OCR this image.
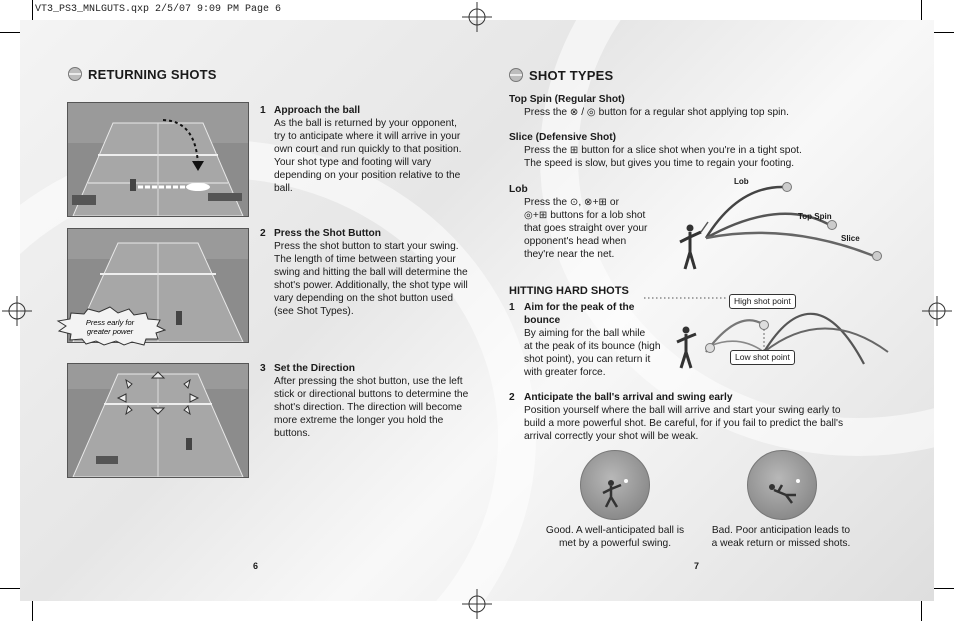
VT3_PS3_MNLGUTS.qxp 2/5/07 9:09 PM Page 6
RETURNING SHOTS
1 Approach the ball
As the ball is returned by your opponent, try to anticipate where it will arrive in your own court and run quickly to that position. Your shot type and footing will vary depending on your position relative to the ball.
Press early for
greater power
2 Press the Shot Button
Press the shot button to start your swing. The length of time between starting your swing and hitting the ball will determine the shot's power. Additionally, the shot type will vary depending on the shot button used (see Shot Types).
3 Set the Direction
After pressing the shot button, use the left stick or directional buttons to determine the shot's direction. The direction will become more extreme the longer you hold the buttons.
6
SHOT TYPES
Top Spin (Regular Shot)
Press the ⊗ / ◎ button for a regular shot applying top spin.
Slice (Defensive Shot)
Press the ⊞ button for a slice shot when you're in a tight spot.
The speed is slow, but gives you time to regain your footing.
Lob
Press the ⊙, ⊗+⊞ or
◎+⊞ buttons for a lob shot
that goes straight over your
opponent's head when
they're near the net.
Lob
Top Spin
Slice
HITTING HARD SHOTS
1 Aim for the peak of the
bounce
By aiming for the ball while
at the peak of its bounce (high
shot point), you can return it
with greater force.
High shot point
Low shot point
2 Anticipate the ball's arrival and swing early
Position yourself where the ball will arrive and start your swing early to
build a more powerful shot. Be careful, for if you fail to predict the ball's
arrival correctly your shot will be weak.
Good. A well-anticipated ball is
met by a powerful swing.
Bad. Poor anticipation leads to
a weak return or missed shots.
7
